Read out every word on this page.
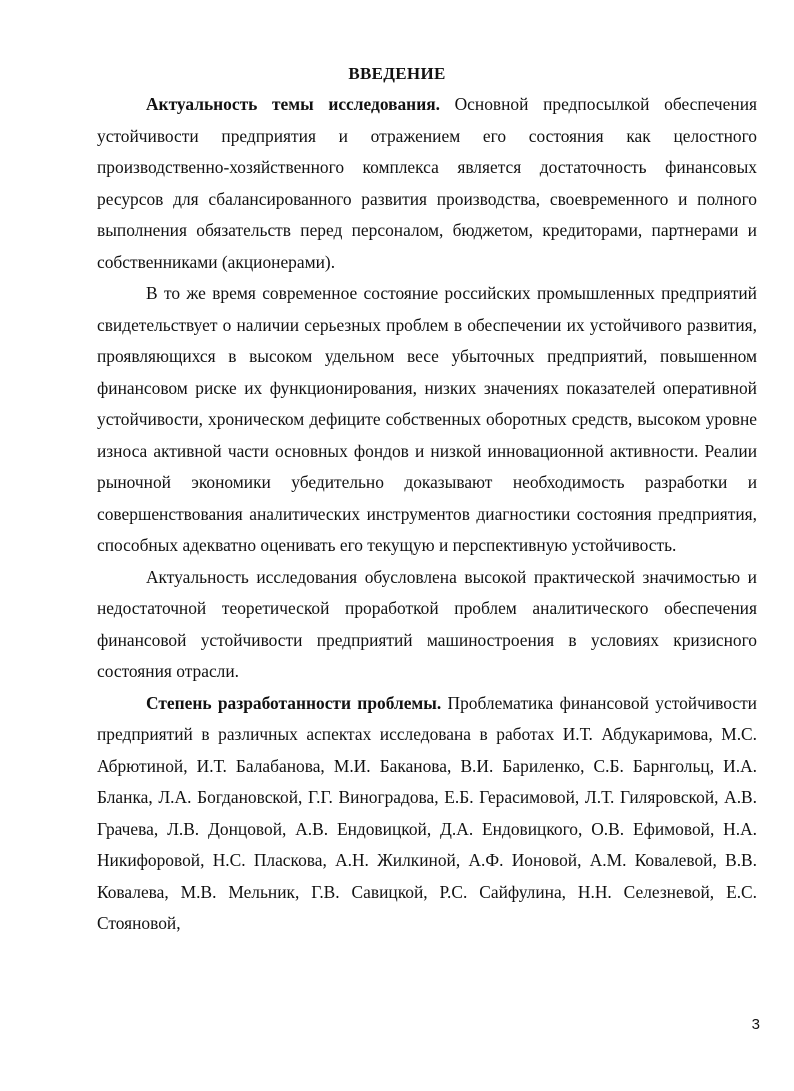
ВВЕДЕНИЕ

Актуальность темы исследования. Основной предпосылкой обеспечения устойчивости предприятия и отражением его состояния как целостного производственно-хозяйственного комплекса является достаточность финансовых ресурсов для сбалансированного развития производства, своевременного и полного выполнения обязательств перед персоналом, бюджетом, кредиторами, партнерами и собственниками (акционерами).

В то же время современное состояние российских промышленных предприятий свидетельствует о наличии серьезных проблем в обеспечении их устойчивого развития, проявляющихся в высоком удельном весе убыточных предприятий, повышенном финансовом риске их функционирования, низких значениях показателей оперативной устойчивости, хроническом дефиците собственных оборотных средств, высоком уровне износа активной части основных фондов и низкой инновационной активности. Реалии рыночной экономики убедительно доказывают необходимость разработки и совершенствования аналитических инструментов диагностики состояния предприятия, способных адекватно оценивать его текущую и перспективную устойчивость.

Актуальность исследования обусловлена высокой практической значимостью и недостаточной теоретической проработкой проблем аналитического обеспечения финансовой устойчивости предприятий машиностроения в условиях кризисного состояния отрасли.

Степень разработанности проблемы. Проблематика финансовой устойчивости предприятий в различных аспектах исследована в работах И.Т. Абдукаримова, М.С. Абрютиной, И.Т. Балабанова, М.И. Баканова, В.И. Бариленко, С.Б. Барнгольц, И.А. Бланка, Л.А. Богдановской, Г.Г. Виноградова, Е.Б. Герасимовой, Л.Т. Гиляровской, А.В. Грачева, Л.В. Донцовой, А.В. Ендовицкой, Д.А. Ендовицкого, О.В. Ефимовой, Н.А. Никифоровой, Н.С. Пласкова, А.Н. Жилкиной, А.Ф. Ионовой, А.М. Ковалевой, В.В. Ковалева, М.В. Мельник, Г.В. Савицкой, Р.С. Сайфулина, Н.Н. Селезневой, Е.С. Стояновой,

3
